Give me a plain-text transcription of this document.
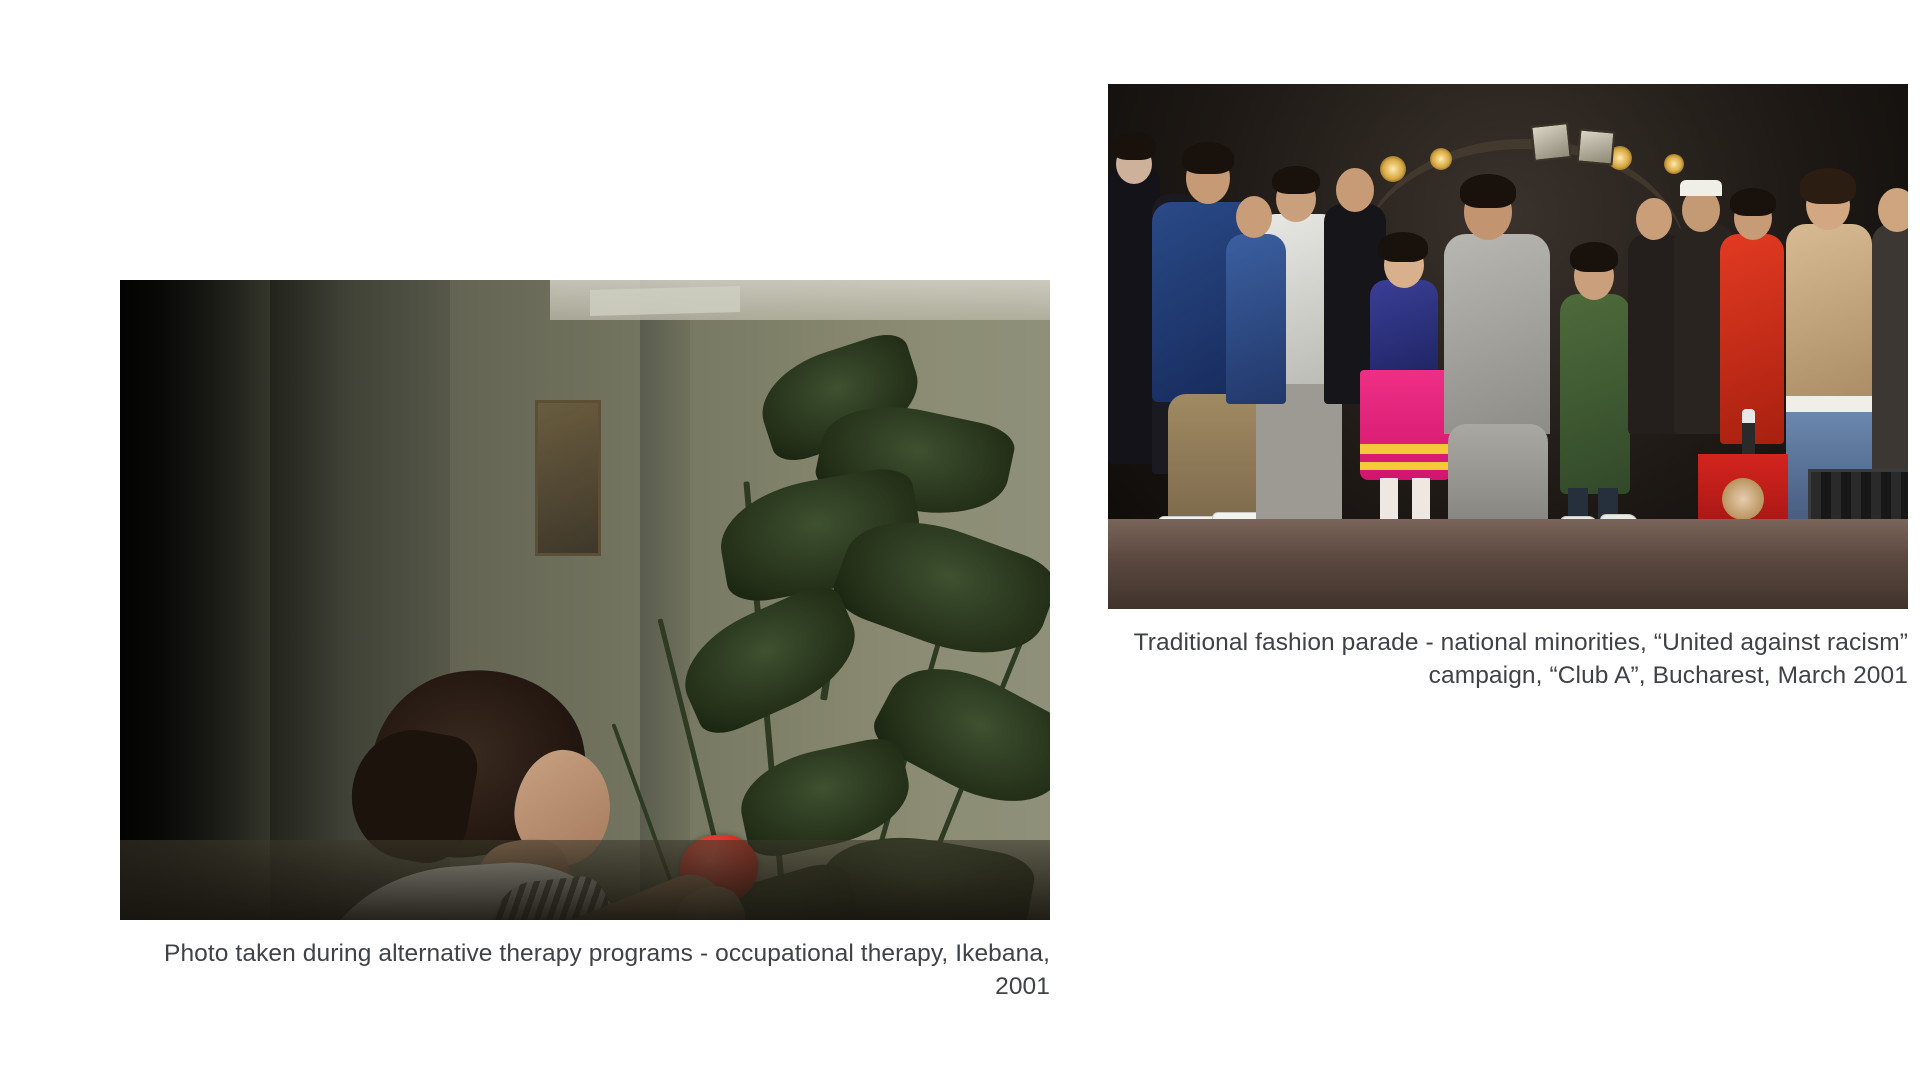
Photo taken during alternative therapy programs - occupational therapy, Ikebana, 2001
Traditional fashion parade - national minorities, “United against racism” campaign, “Club A”, Bucharest, March 2001
